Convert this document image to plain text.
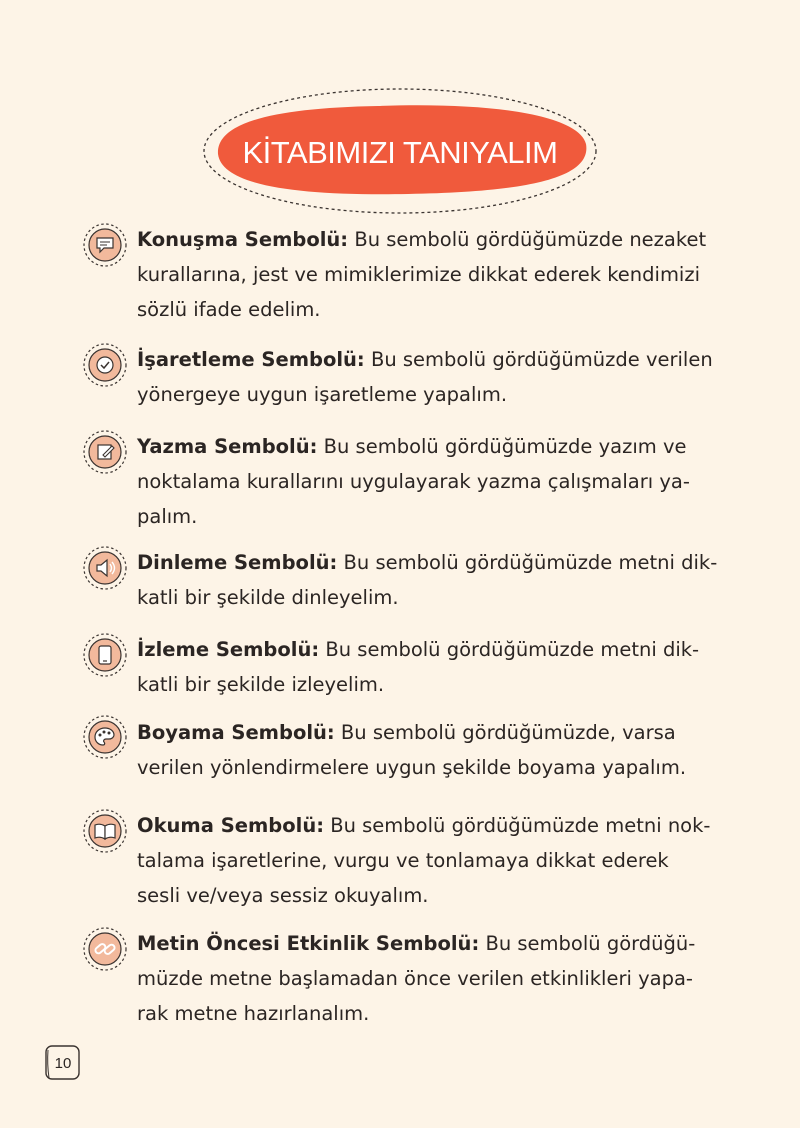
KİTABIMIZI TANIYALIM
Konuşma Sembolü: Bu sembolü gördüğümüzde nezaket
kurallarına, jest ve mimiklerimize dikkat ederek kendimizi
sözlü ifade edelim.
İşaretleme Sembolü: Bu sembolü gördüğümüzde verilen
yönergeye uygun işaretleme yapalım.
Yazma Sembolü: Bu sembolü gördüğümüzde yazım ve
noktalama kurallarını uygulayarak yazma çalışmaları ya-
palım.
Dinleme Sembolü: Bu sembolü gördüğümüzde metni dik-
katli bir şekilde dinleyelim.
İzleme Sembolü: Bu sembolü gördüğümüzde metni dik-
katli bir şekilde izleyelim.
Boyama Sembolü: Bu sembolü gördüğümüzde, varsa
verilen yönlendirmelere uygun şekilde boyama yapalım.
Okuma Sembolü: Bu sembolü gördüğümüzde metni nok-
talama işaretlerine, vurgu ve tonlamaya dikkat ederek
sesli ve/veya sessiz okuyalım.
Metin Öncesi Etkinlik Sembolü: Bu sembolü gördüğü-
müzde metne başlamadan önce verilen etkinlikleri yapa-
rak metne hazırlanalım.
10
